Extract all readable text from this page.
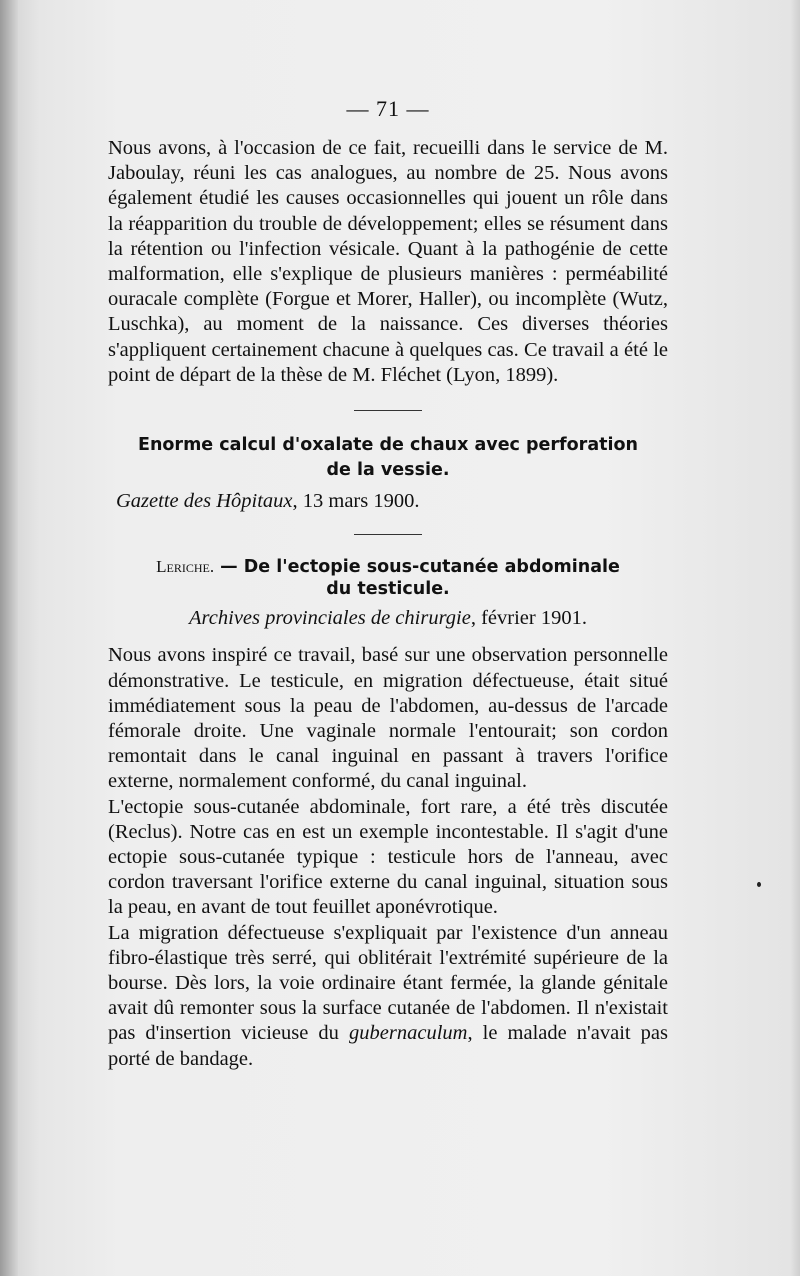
— 71 —

Nous avons, à l'occasion de ce fait, recueilli dans le service de M. Jaboulay, réuni les cas analogues, au nombre de 25. Nous avons également étudié les causes occasionnelles qui jouent un rôle dans la réapparition du trouble de développement; elles se résument dans la rétention ou l'infection vésicale. Quant à la pathogénie de cette malformation, elle s'explique de plusieurs manières : perméabilité ouracale complète (Forgue et Morer, Haller), ou incomplète (Wutz, Luschka), au moment de la naissance. Ces diverses théories s'appliquent certainement chacune à quelques cas. Ce travail a été le point de départ de la thèse de M. Fléchet (Lyon, 1899).

Enorme calcul d'oxalate de chaux avec perforation
de la vessie.
Gazette des Hôpitaux, 13 mars 1900.
Leriche. — De l'ectopie sous-cutanée abdominale
du testicule.
Archives provinciales de chirurgie, février 1901.

Nous avons inspiré ce travail, basé sur une observation personnelle démonstrative. Le testicule, en migration défectueuse, était situé immédiatement sous la peau de l'abdomen, au-dessus de l'arcade fémorale droite. Une vaginale normale l'entourait; son cordon remontait dans le canal inguinal en passant à travers l'orifice externe, normalement conformé, du canal inguinal.

L'ectopie sous-cutanée abdominale, fort rare, a été très discutée (Reclus). Notre cas en est un exemple incontestable. Il s'agit d'une ectopie sous-cutanée typique : testicule hors de l'anneau, avec cordon traversant l'orifice externe du canal inguinal, situation sous la peau, en avant de tout feuillet aponévrotique.

La migration défectueuse s'expliquait par l'existence d'un anneau fibro-élastique très serré, qui oblitérait l'extrémité supérieure de la bourse. Dès lors, la voie ordinaire étant fermée, la glande génitale avait dû remonter sous la surface cutanée de l'abdomen. Il n'existait pas d'insertion vicieuse du gubernaculum, le malade n'avait pas porté de bandage.
